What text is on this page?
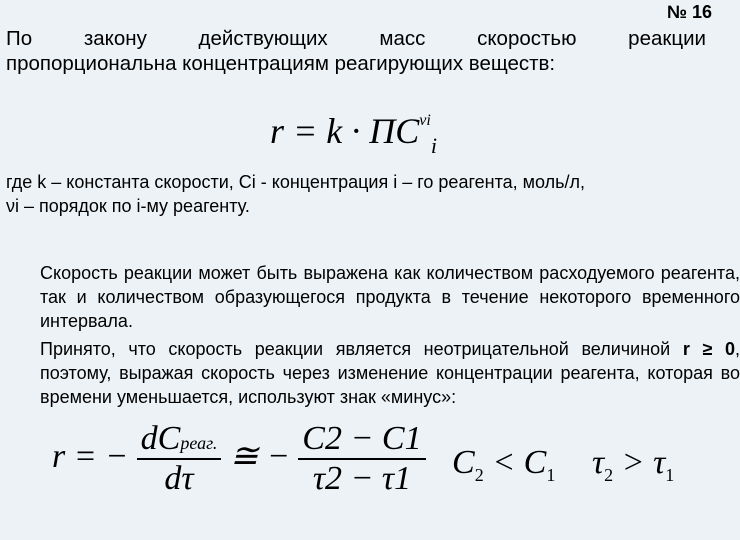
№ 16
По закону действующих масс скоростью реакции
пропорциональна концентрациям реагирующих веществ:
$r = k \cdot ПC^{\nu i}_i$
где k – константа скорости, Ci - концентрация i – го реагента, моль/л,
νi – порядок по i-му реагенту.
Скорость реакции может быть выражена как количеством расходуемого реагента, так и количеством образующегося продукта в течение некоторого временного интервала.
Принято, что скорость реакции является неотрицательной величиной r ≥ 0, поэтому, выражая скорость через изменение концентрации реагента, которая во времени уменьшается, используют знак «минус»:
r = − $\frac{\text{dCреаг.}}{d\tau}$ ≅ − $\frac{C2 - C1}{\tau 2 - \tau 1} C_2 < C_1$ $\tau_2 > \tau_1$
